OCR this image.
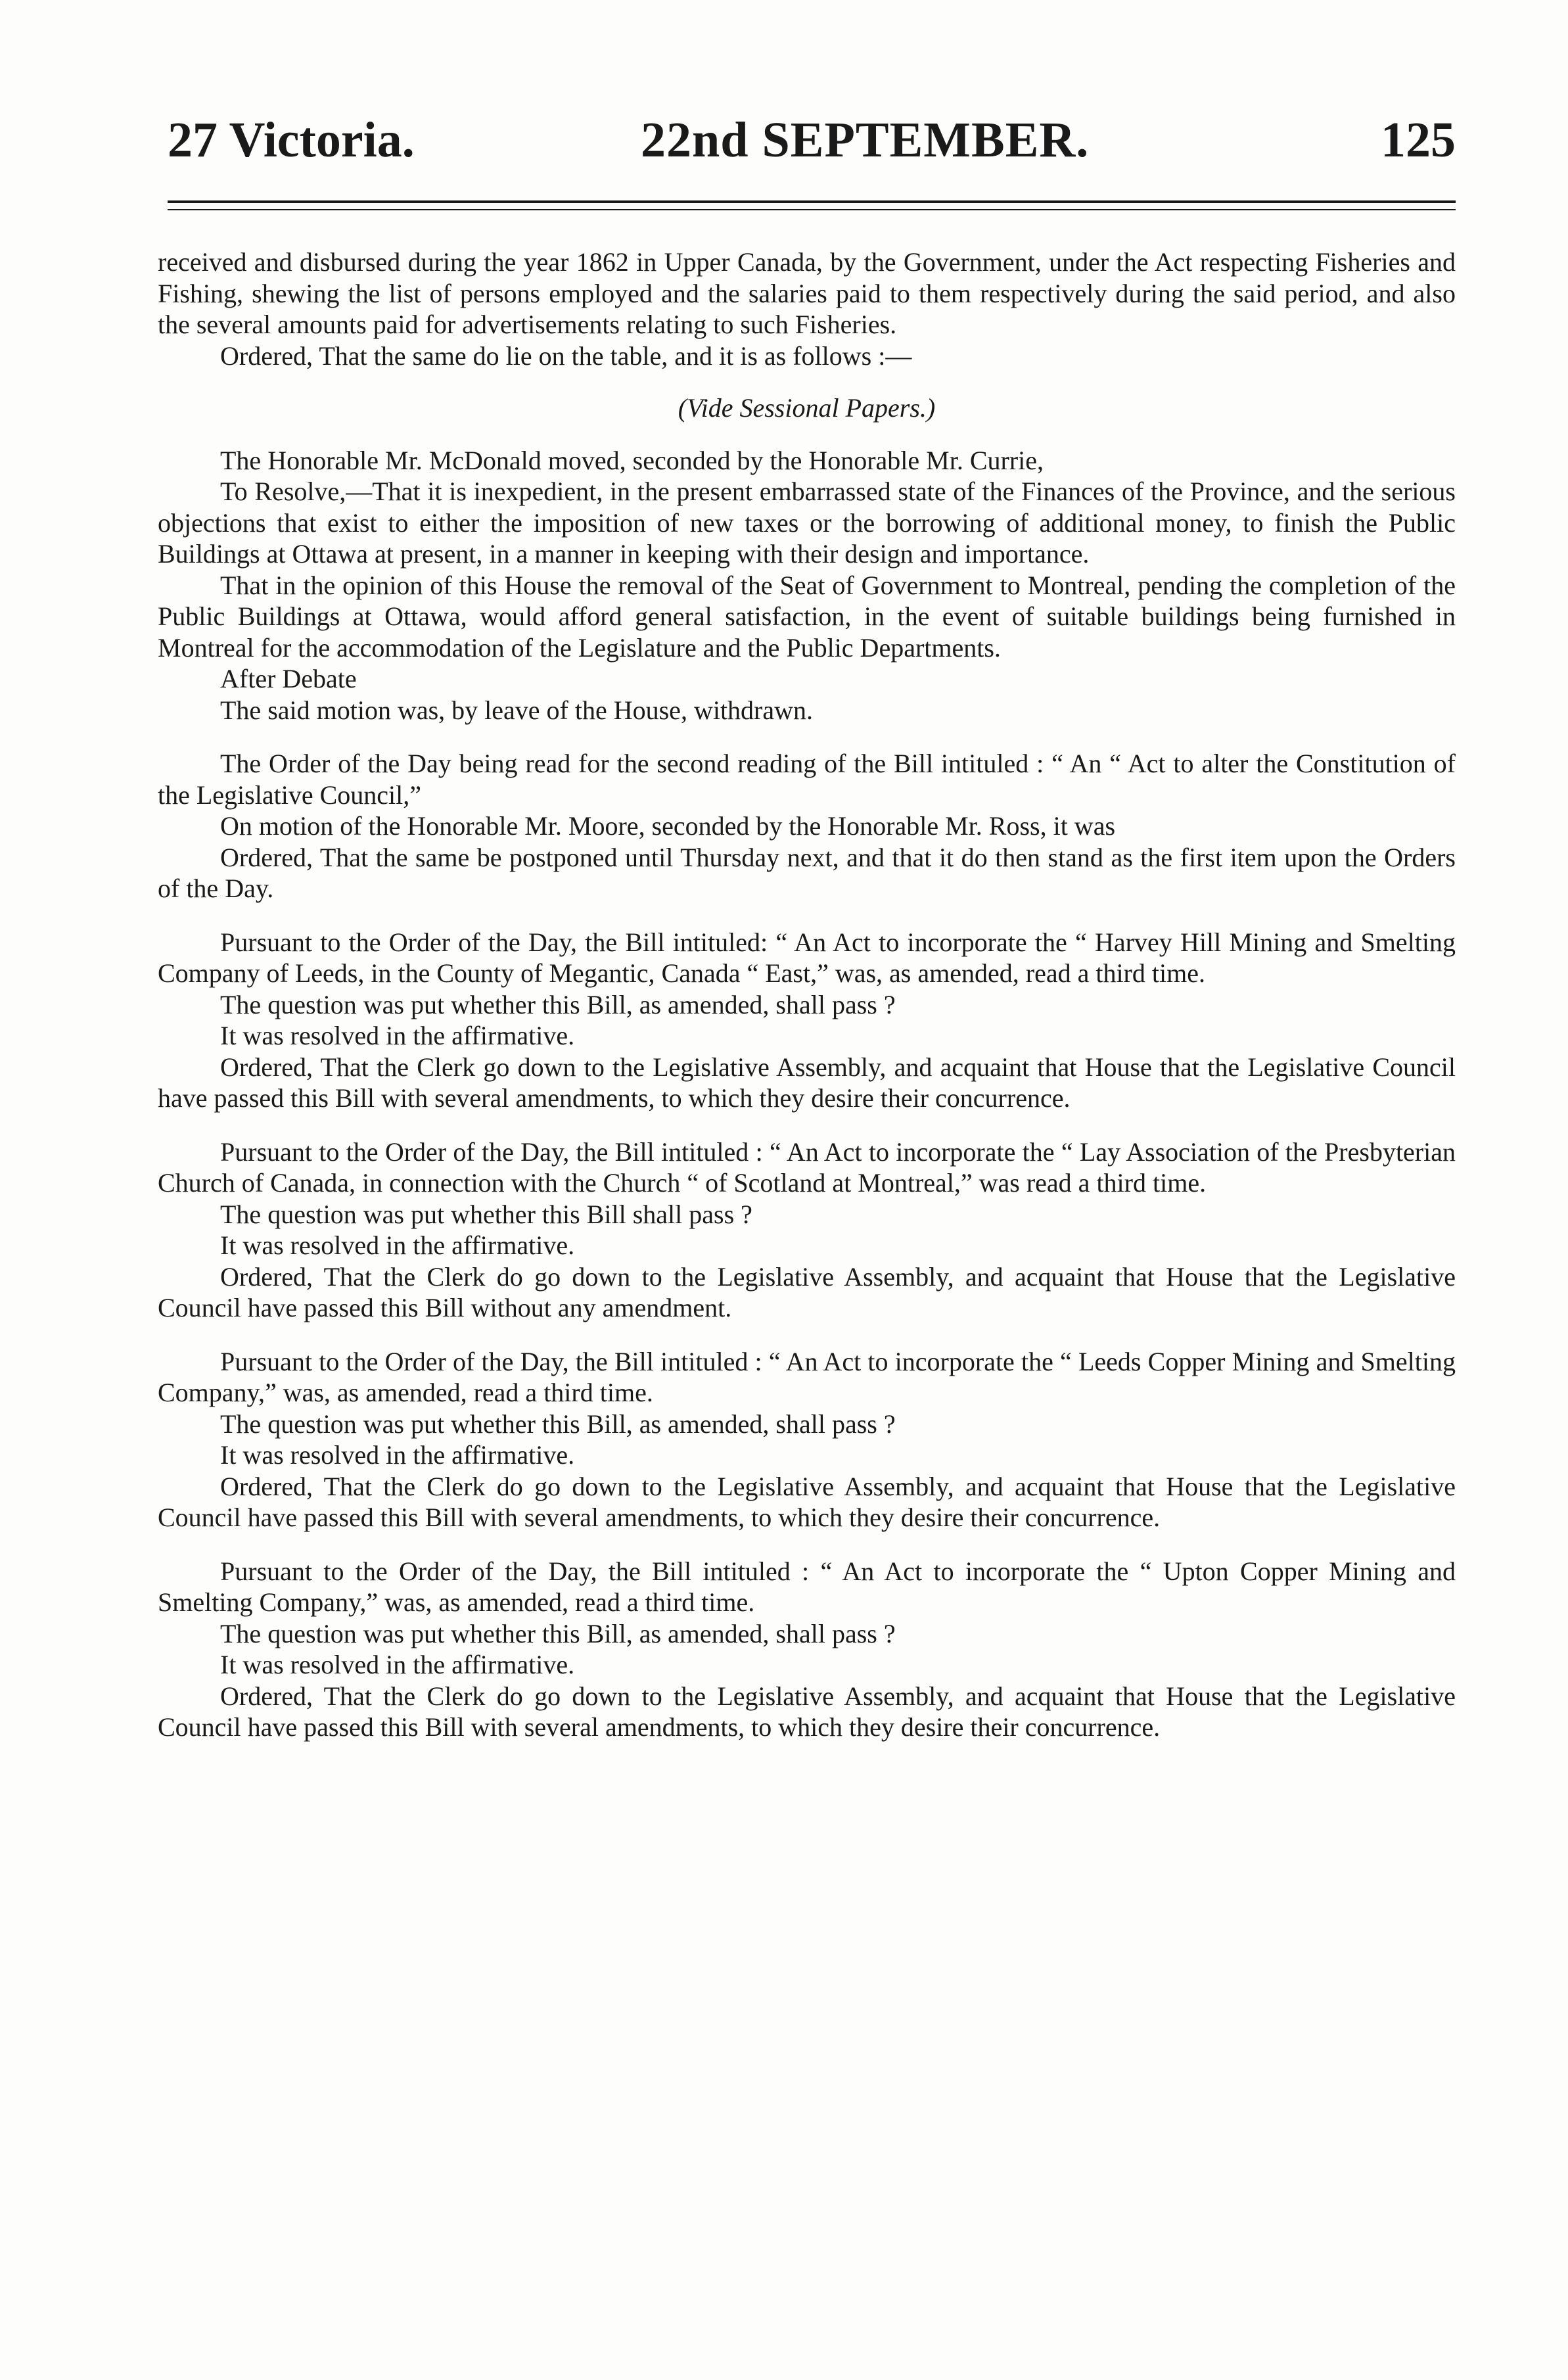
27 Victoria.	22nd SEPTEMBER.	125

received and disbursed during the year 1862 in Upper Canada, by the Government, under the Act respecting Fisheries and Fishing, shewing the list of persons employed and the salaries paid to them respectively during the said period, and also the several amounts paid for advertisements relating to such Fisheries.

Ordered, That the same do lie on the table, and it is as follows :—

(Vide Sessional Papers.)

The Honorable Mr. McDonald moved, seconded by the Honorable Mr. Currie,

To Resolve,—That it is inexpedient, in the present embarrassed state of the Finances of the Province, and the serious objections that exist to either the imposition of new taxes or the borrowing of additional money, to finish the Public Buildings at Ottawa at present, in a manner in keeping with their design and importance.

That in the opinion of this House the removal of the Seat of Government to Montreal, pending the completion of the Public Buildings at Ottawa, would afford general satisfaction, in the event of suitable buildings being furnished in Montreal for the accommodation of the Legislature and the Public Departments.

After Debate

The said motion was, by leave of the House, withdrawn.

The Order of the Day being read for the second reading of the Bill intituled : “ An “ Act to alter the Constitution of the Legislative Council,”

On motion of the Honorable Mr. Moore, seconded by the Honorable Mr. Ross, it was

Ordered, That the same be postponed until Thursday next, and that it do then stand as the first item upon the Orders of the Day.

Pursuant to the Order of the Day, the Bill intituled: “ An Act to incorporate the “ Harvey Hill Mining and Smelting Company of Leeds, in the County of Megantic, Canada “ East,” was, as amended, read a third time.

The question was put whether this Bill, as amended, shall pass ?

It was resolved in the affirmative.

Ordered, That the Clerk go down to the Legislative Assembly, and acquaint that House that the Legislative Council have passed this Bill with several amendments, to which they desire their concurrence.

Pursuant to the Order of the Day, the Bill intituled : “ An Act to incorporate the “ Lay Association of the Presbyterian Church of Canada, in connection with the Church “ of Scotland at Montreal,” was read a third time.

The question was put whether this Bill shall pass ?

It was resolved in the affirmative.

Ordered, That the Clerk do go down to the Legislative Assembly, and acquaint that House that the Legislative Council have passed this Bill without any amendment.

Pursuant to the Order of the Day, the Bill intituled : “ An Act to incorporate the “ Leeds Copper Mining and Smelting Company,” was, as amended, read a third time.

The question was put whether this Bill, as amended, shall pass ?

It was resolved in the affirmative.

Ordered, That the Clerk do go down to the Legislative Assembly, and acquaint that House that the Legislative Council have passed this Bill with several amendments, to which they desire their concurrence.

Pursuant to the Order of the Day, the Bill intituled : “ An Act to incorporate the “ Upton Copper Mining and Smelting Company,” was, as amended, read a third time.

The question was put whether this Bill, as amended, shall pass ?

It was resolved in the affirmative.

Ordered, That the Clerk do go down to the Legislative Assembly, and acquaint that House that the Legislative Council have passed this Bill with several amendments, to which they desire their concurrence.
